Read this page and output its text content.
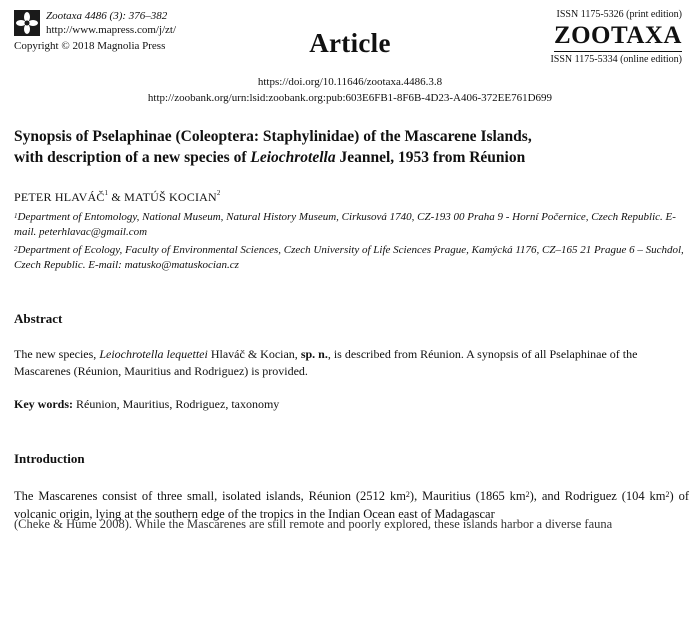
Zootaxa 4486 (3): 376–382
http://www.mapress.com/j/zt/
Copyright © 2018 Magnolia Press	Article
ISSN 1175-5326 (print edition)
ZOOTAXA
ISSN 1175-5334 (online edition)
https://doi.org/10.11646/zootaxa.4486.3.8
http://zoobank.org/urn:lsid:zoobank.org:pub:603E6FB1-8F6B-4D23-A406-372EE761D699
Synopsis of Pselaphinae (Coleoptera: Staphylinidae) of the Mascarene Islands,
with description of a new species of Leiochrotella Jeannel, 1953 from Réunion
PETER HLAVÁČ$^1$ & MATÚŠ KOCIAN$^2$
$^1$Department of Entomology, National Museum, Natural History Museum, Cirkusová 1740, CZ-193 00 Praha 9 - Horní Počernice, Czech Republic. E-mail. peterhlavac@gmail.com
$^2$Department of Ecology, Faculty of Environmental Sciences, Czech University of Life Sciences Prague, Kamýcká 1176, CZ–165 21 Prague 6 – Suchdol, Czech Republic. E-mail: matusko@matuskocian.cz
Abstract
The new species, Leiochrotella lequettei Hlaváč & Kocian, sp. n., is described from Réunion. A synopsis of all Pselaphinae of the Mascarenes (Réunion, Mauritius and Rodriguez) is provided.
Key words: Réunion, Mauritius, Rodriguez, taxonomy
Introduction
The Mascarenes consist of three small, isolated islands, Réunion (2512 $km^2$), Mauritius (1865 $km^2$), and Rodriguez (104 $km^2$) of volcanic origin, lying at the southern edge of the tropics in the Indian Ocean east of Madagascar
(Cheke & Hume 2008). While the Mascarenes are still remote and poorly explored, these islands harbor a diverse fauna
